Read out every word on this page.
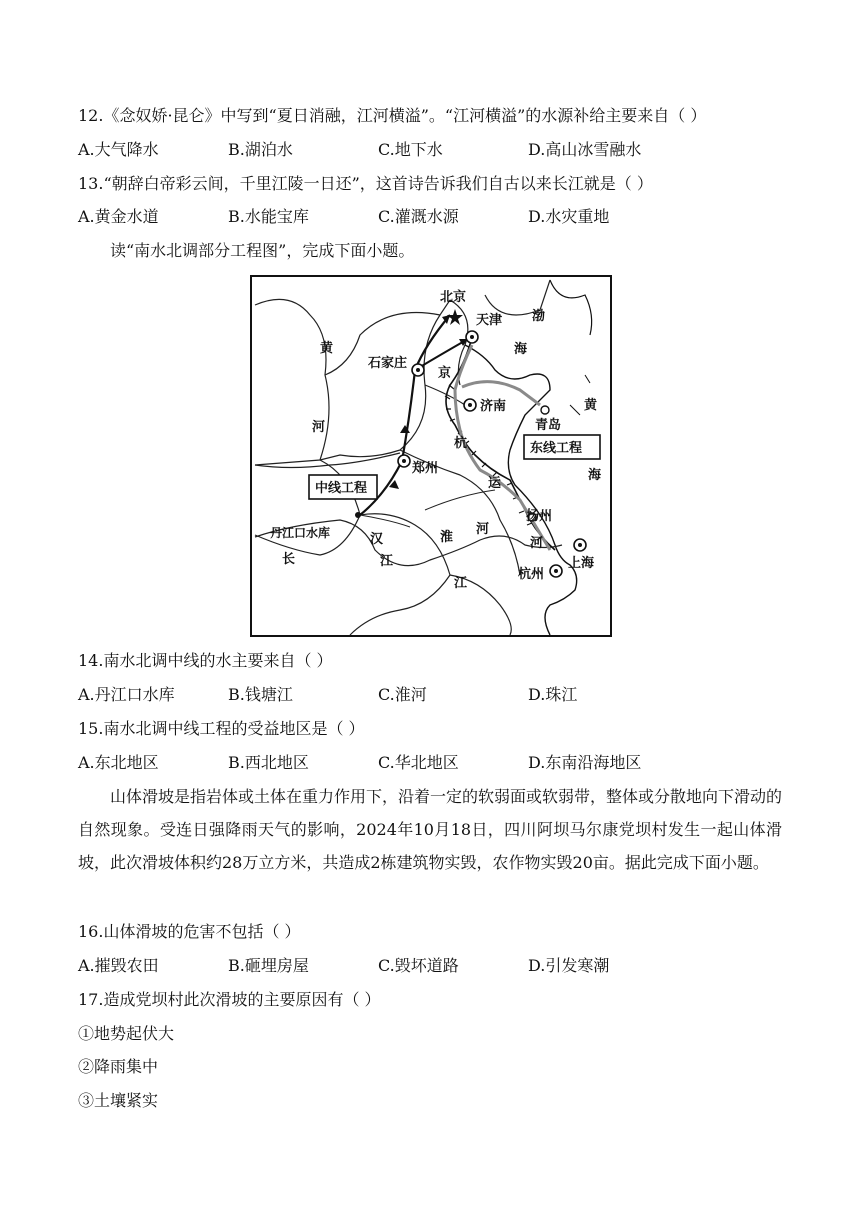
12.《念奴娇·昆仑》中写到“夏日消融，江河横溢”。“江河横溢”的水源补给主要来自（ ）
A.大气降水	B.湖泊水	C.地下水	D.高山冰雪融水
13.“朝辞白帝彩云间，千里江陵一日还”，这首诗告诉我们自古以来长江就是（ ）
A.黄金水道	B.水能宝库	C.灌溉水源	D.水灾重地
读“南水北调部分工程图”，完成下面小题。
北京
天津
石家庄
济南
青岛
郑州
扬州
杭州
上海
丹江口水库
中线工程
东线工程
黄
河
渤
海
黄
海
京
杭
运
河
汉
江
淮
河
长
江
14.南水北调中线的水主要来自（ ）
A.丹江口水库	B.钱塘江	C.淮河	D.珠江
15.南水北调中线工程的受益地区是（ ）
A.东北地区	B.西北地区	C.华北地区	D.东南沿海地区
山体滑坡是指岩体或土体在重力作用下，沿着一定的软弱面或软弱带，整体或分散地向下滑动的自然现象。受连日强降雨天气的影响，2024年10月18日，四川阿坝马尔康党坝村发生一起山体滑坡，此次滑坡体积约28万立方米，共造成2栋建筑物实毁，农作物实毁20亩。据此完成下面小题。
16.山体滑坡的危害不包括（ ）
A.摧毁农田	B.砸埋房屋	C.毁坏道路	D.引发寒潮
17.造成党坝村此次滑坡的主要原因有（ ）
①地势起伏大
②降雨集中
③土壤紧实
